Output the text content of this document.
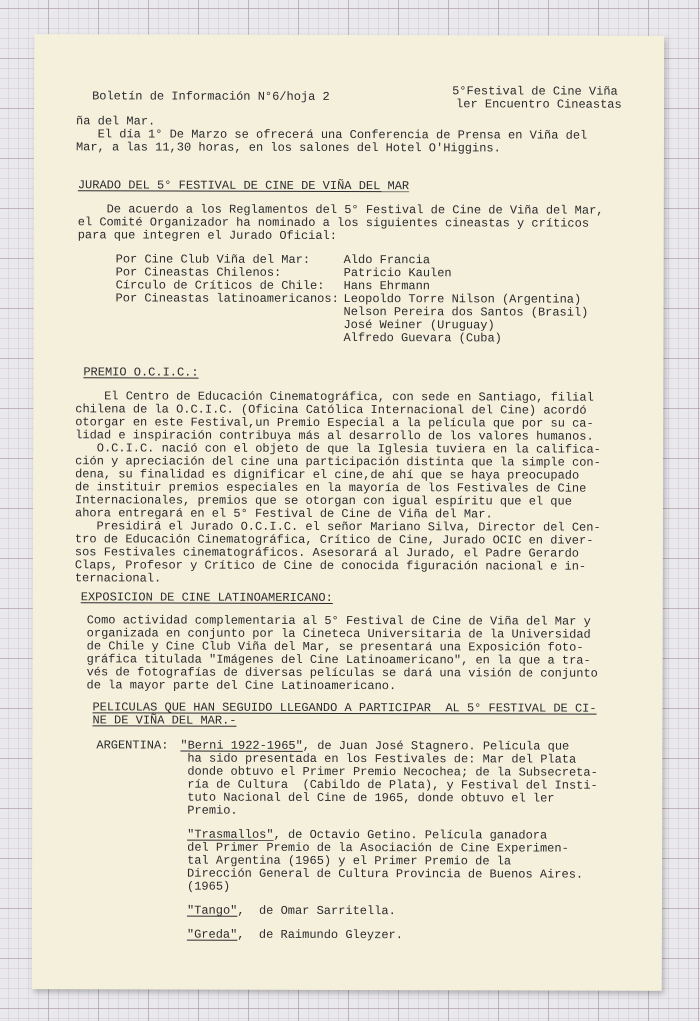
Boletín de Información N°6/hoja 2	5°Festival de Cine Viña

ler Encuentro Cineastas

ña del Mar.

El día 1° De Marzo se ofrecerá una Conferencia de Prensa en Viña del

Mar, a las 11,30 horas, en los salones del Hotel O'Higgins.

JURADO DEL 5° FESTIVAL DE CINE DE VIÑA DEL MAR

De acuerdo a los Reglamentos del 5° Festival de Cine de Viña del Mar,

el Comité Organizador ha nominado a los siguientes cineastas y críticos

para que integren el Jurado Oficial:

Por Cine Club Viña del Mar:	Aldo Francia

Por Cineastas Chilenos:	Patricio Kaulen

Círculo de Críticos de Chile: Hans Ehrmann

Por Cineastas latinoamericanos: Leopoldo Torre Nilson (Argentina)

Nelson Pereira dos Santos (Brasil)

José Weiner (Uruguay)

Alfredo Guevara (Cuba)

PREMIO O.C.I.C.:

El Centro de Educación Cinematográfica, con sede en Santiago, filial

chilena de la O.C.I.C. (Oficina Católica Internacional del Cine) acordó

otorgar en este Festival,un Premio Especial a la película que por su ca-

lidad e inspiración contribuya más al desarrollo de los valores humanos.

O.C.I.C. nació con el objeto de que la Iglesia tuviera en la califica-

ción y apreciación del cine una participación distinta que la simple con-

dena, su finalidad es dignificar el cine,de ahí que se haya preocupado

de instituir premios especiales en la mayoría de los Festivales de Cine

Internacionales, premios que se otorgan con igual espíritu que el que

ahora entregará en el 5° Festival de Cine de Viña del Mar.

Presidirá el Jurado O.C.I.C. el señor Mariano Silva, Director del Cen-

tro de Educación Cinematográfica, Crítico de Cine, Jurado OCIC en diver-

sos Festivales cinematográficos. Asesorará al Jurado, el Padre Gerardo

Claps, Profesor y Crítico de Cine de conocida figuración nacional e in-

ternacional.

EXPOSICION DE CINE LATINOAMERICANO:

Como actividad complementaria al 5° Festival de Cine de Viña del Mar y

organizada en conjunto por la Cineteca Universitaria de la Universidad

de Chile y Cine Club Viña del Mar, se presentará una Exposición foto-

gráfica titulada "Imágenes del Cine Latinoamericano", en la que a tra-

vés de fotografías de diversas películas se dará una visión de conjunto

de la mayor parte del Cine Latinoamericano.

PELICULAS QUE HAN SEGUIDO LLEGANDO A PARTICIPAR  AL 5° FESTIVAL DE CI-

NE DE VIÑA DEL MAR.-

ARGENTINA: "Berni 1922-1965", de Juan José Stagnero. Película que

ha sido presentada en los Festivales de: Mar del Plata

donde obtuvo el Primer Premio Necochea; de la Subsecreta-

ría de Cultura  (Cabildo de Plata), y Festival del Insti-

tuto Nacional del Cine de 1965, donde obtuvo el ler

Premio.

"Trasmallos", de Octavio Getino. Película ganadora

del Primer Premio de la Asociación de Cine Experimen-

tal Argentina (1965) y el Primer Premio de la

Dirección General de Cultura Provincia de Buenos Aires.

(1965)

"Tango",  de Omar Sarritella.

"Greda",  de Raimundo Gleyzer.
